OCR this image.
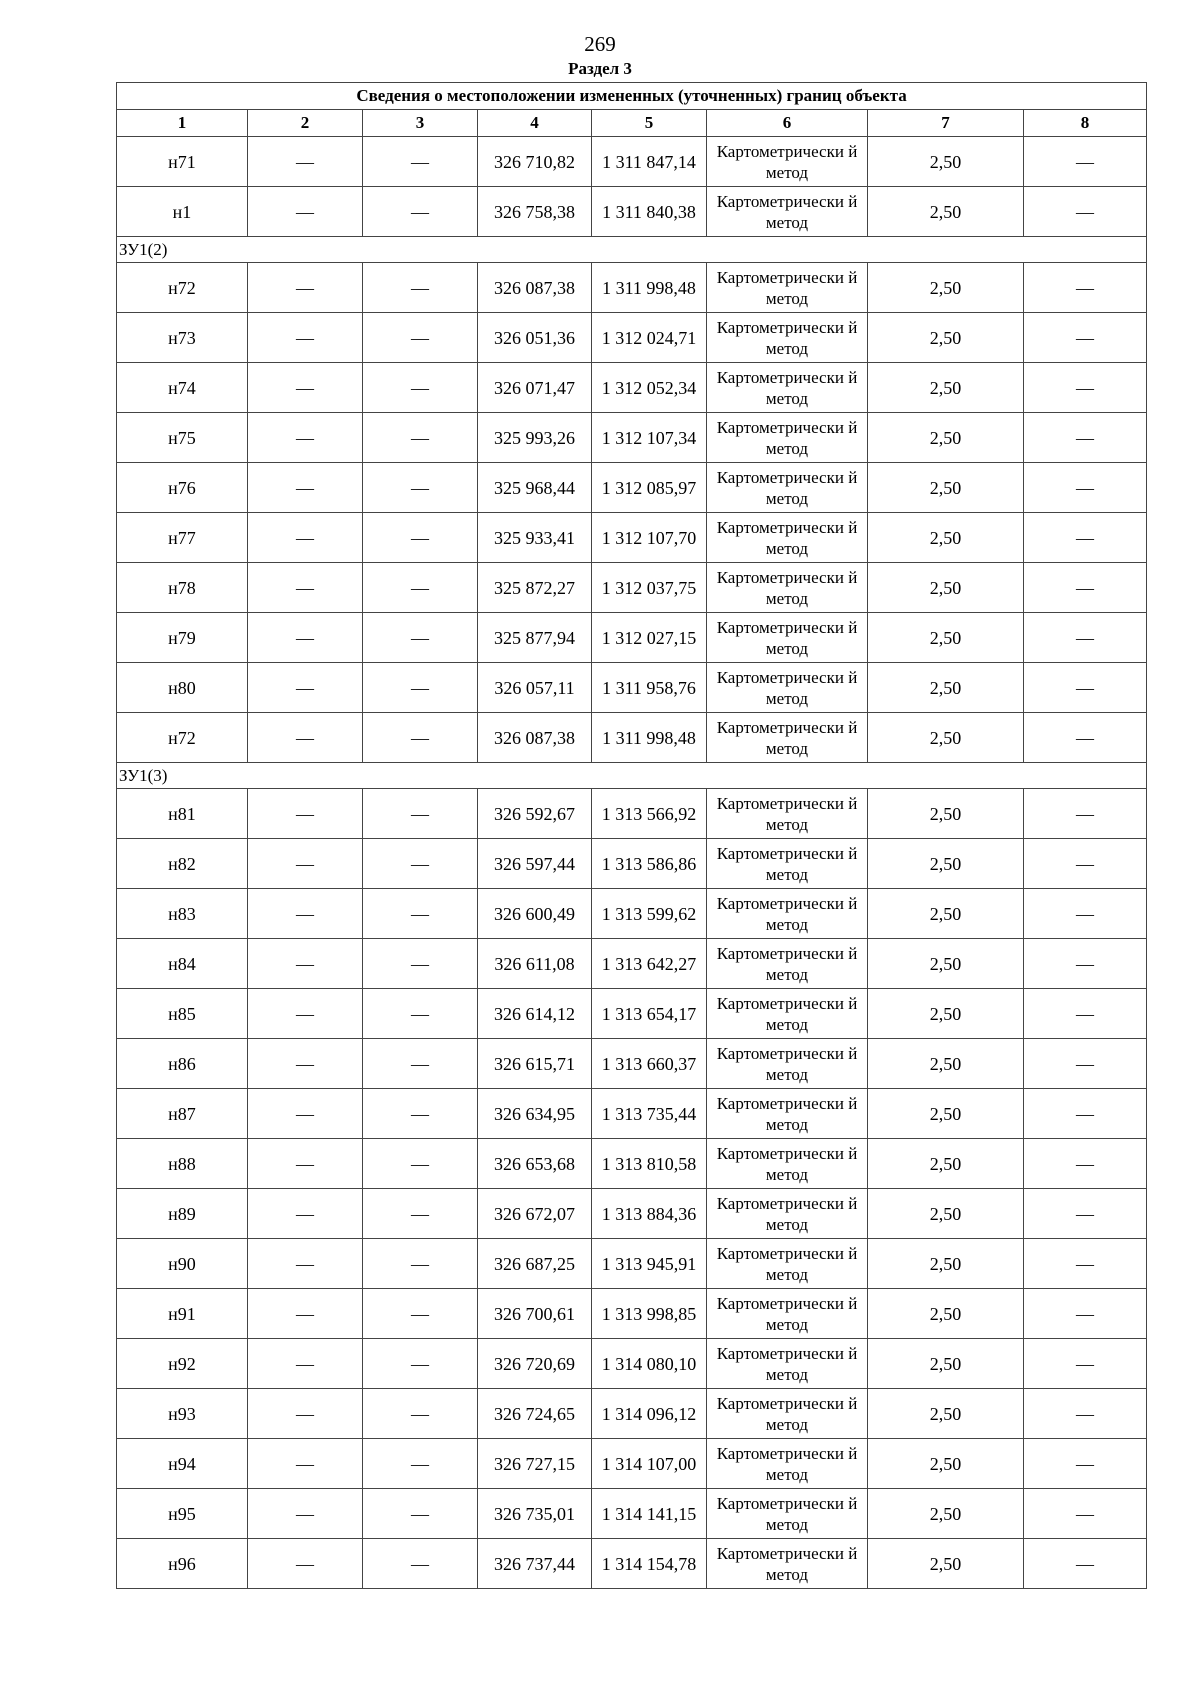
269
Раздел 3
Сведения о местоположении измененных (уточненных) границ объекта							
1	2	3	4	5	6	7	8
н71	—	—	326 710,82	1 311 847,14	Картометрически й метод	2,50	—
н1	—	—	326 758,38	1 311 840,38	Картометрически й метод	2,50	—
ЗУ1(2)							
н72	—	—	326 087,38	1 311 998,48	Картометрически й метод	2,50	—
н73	—	—	326 051,36	1 312 024,71	Картометрически й метод	2,50	—
н74	—	—	326 071,47	1 312 052,34	Картометрически й метод	2,50	—
н75	—	—	325 993,26	1 312 107,34	Картометрически й метод	2,50	—
н76	—	—	325 968,44	1 312 085,97	Картометрически й метод	2,50	—
н77	—	—	325 933,41	1 312 107,70	Картометрически й метод	2,50	—
н78	—	—	325 872,27	1 312 037,75	Картометрически й метод	2,50	—
н79	—	—	325 877,94	1 312 027,15	Картометрически й метод	2,50	—
н80	—	—	326 057,11	1 311 958,76	Картометрически й метод	2,50	—
н72	—	—	326 087,38	1 311 998,48	Картометрически й метод	2,50	—
ЗУ1(3)							
н81	—	—	326 592,67	1 313 566,92	Картометрически й метод	2,50	—
н82	—	—	326 597,44	1 313 586,86	Картометрически й метод	2,50	—
н83	—	—	326 600,49	1 313 599,62	Картометрически й метод	2,50	—
н84	—	—	326 611,08	1 313 642,27	Картометрически й метод	2,50	—
н85	—	—	326 614,12	1 313 654,17	Картометрически й метод	2,50	—
н86	—	—	326 615,71	1 313 660,37	Картометрически й метод	2,50	—
н87	—	—	326 634,95	1 313 735,44	Картометрически й метод	2,50	—
н88	—	—	326 653,68	1 313 810,58	Картометрически й метод	2,50	—
н89	—	—	326 672,07	1 313 884,36	Картометрически й метод	2,50	—
н90	—	—	326 687,25	1 313 945,91	Картометрически й метод	2,50	—
н91	—	—	326 700,61	1 313 998,85	Картометрически й метод	2,50	—
н92	—	—	326 720,69	1 314 080,10	Картометрически й метод	2,50	—
н93	—	—	326 724,65	1 314 096,12	Картометрически й метод	2,50	—
н94	—	—	326 727,15	1 314 107,00	Картометрически й метод	2,50	—
н95	—	—	326 735,01	1 314 141,15	Картометрически й метод	2,50	—
н96	—	—	326 737,44	1 314 154,78	Картометрически й метод	2,50	—
